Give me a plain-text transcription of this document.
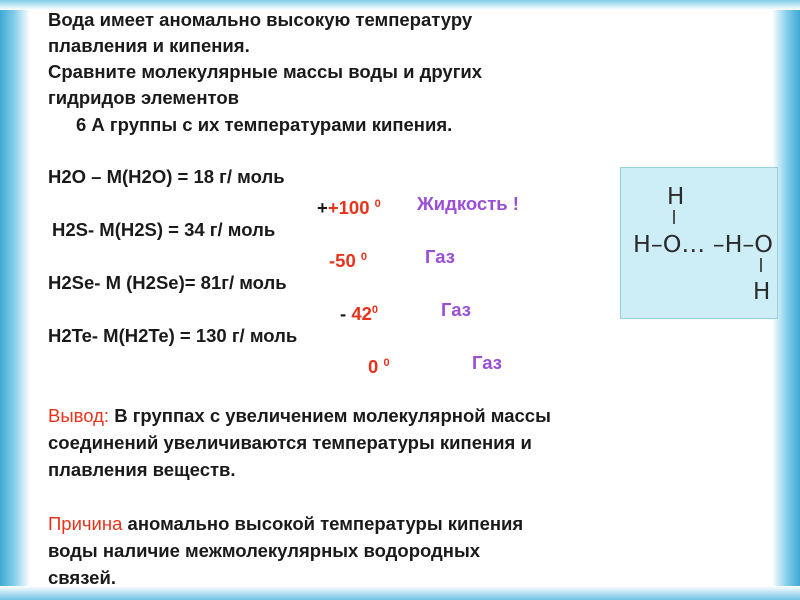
Вода имеет аномально высокую температуру
плавления и кипения.
Сравните молекулярные массы воды и других
гидридов элементов
6 А группы с их температурами кипения.
H2O – M(H2O) = 18 г/ моль
++100 $^0$ Жидкость !
H2S- M(H2S) = 34 г/ моль
-50 $^0$	Газ
H2Se- M (H2Se)= 81г/ моль
- $42^0$	Газ
H2Te- M(H2Te) = 130 г/ моль
0 $^0$	Газ
Вывод: В группах с увеличением молекулярной массы
соединений увеличиваются температуры кипения и
плавления веществ.
Причина аномально высокой температуры кипения
воды наличие межмолекулярных водородных
связей.
H
H–O… –H–O
H
